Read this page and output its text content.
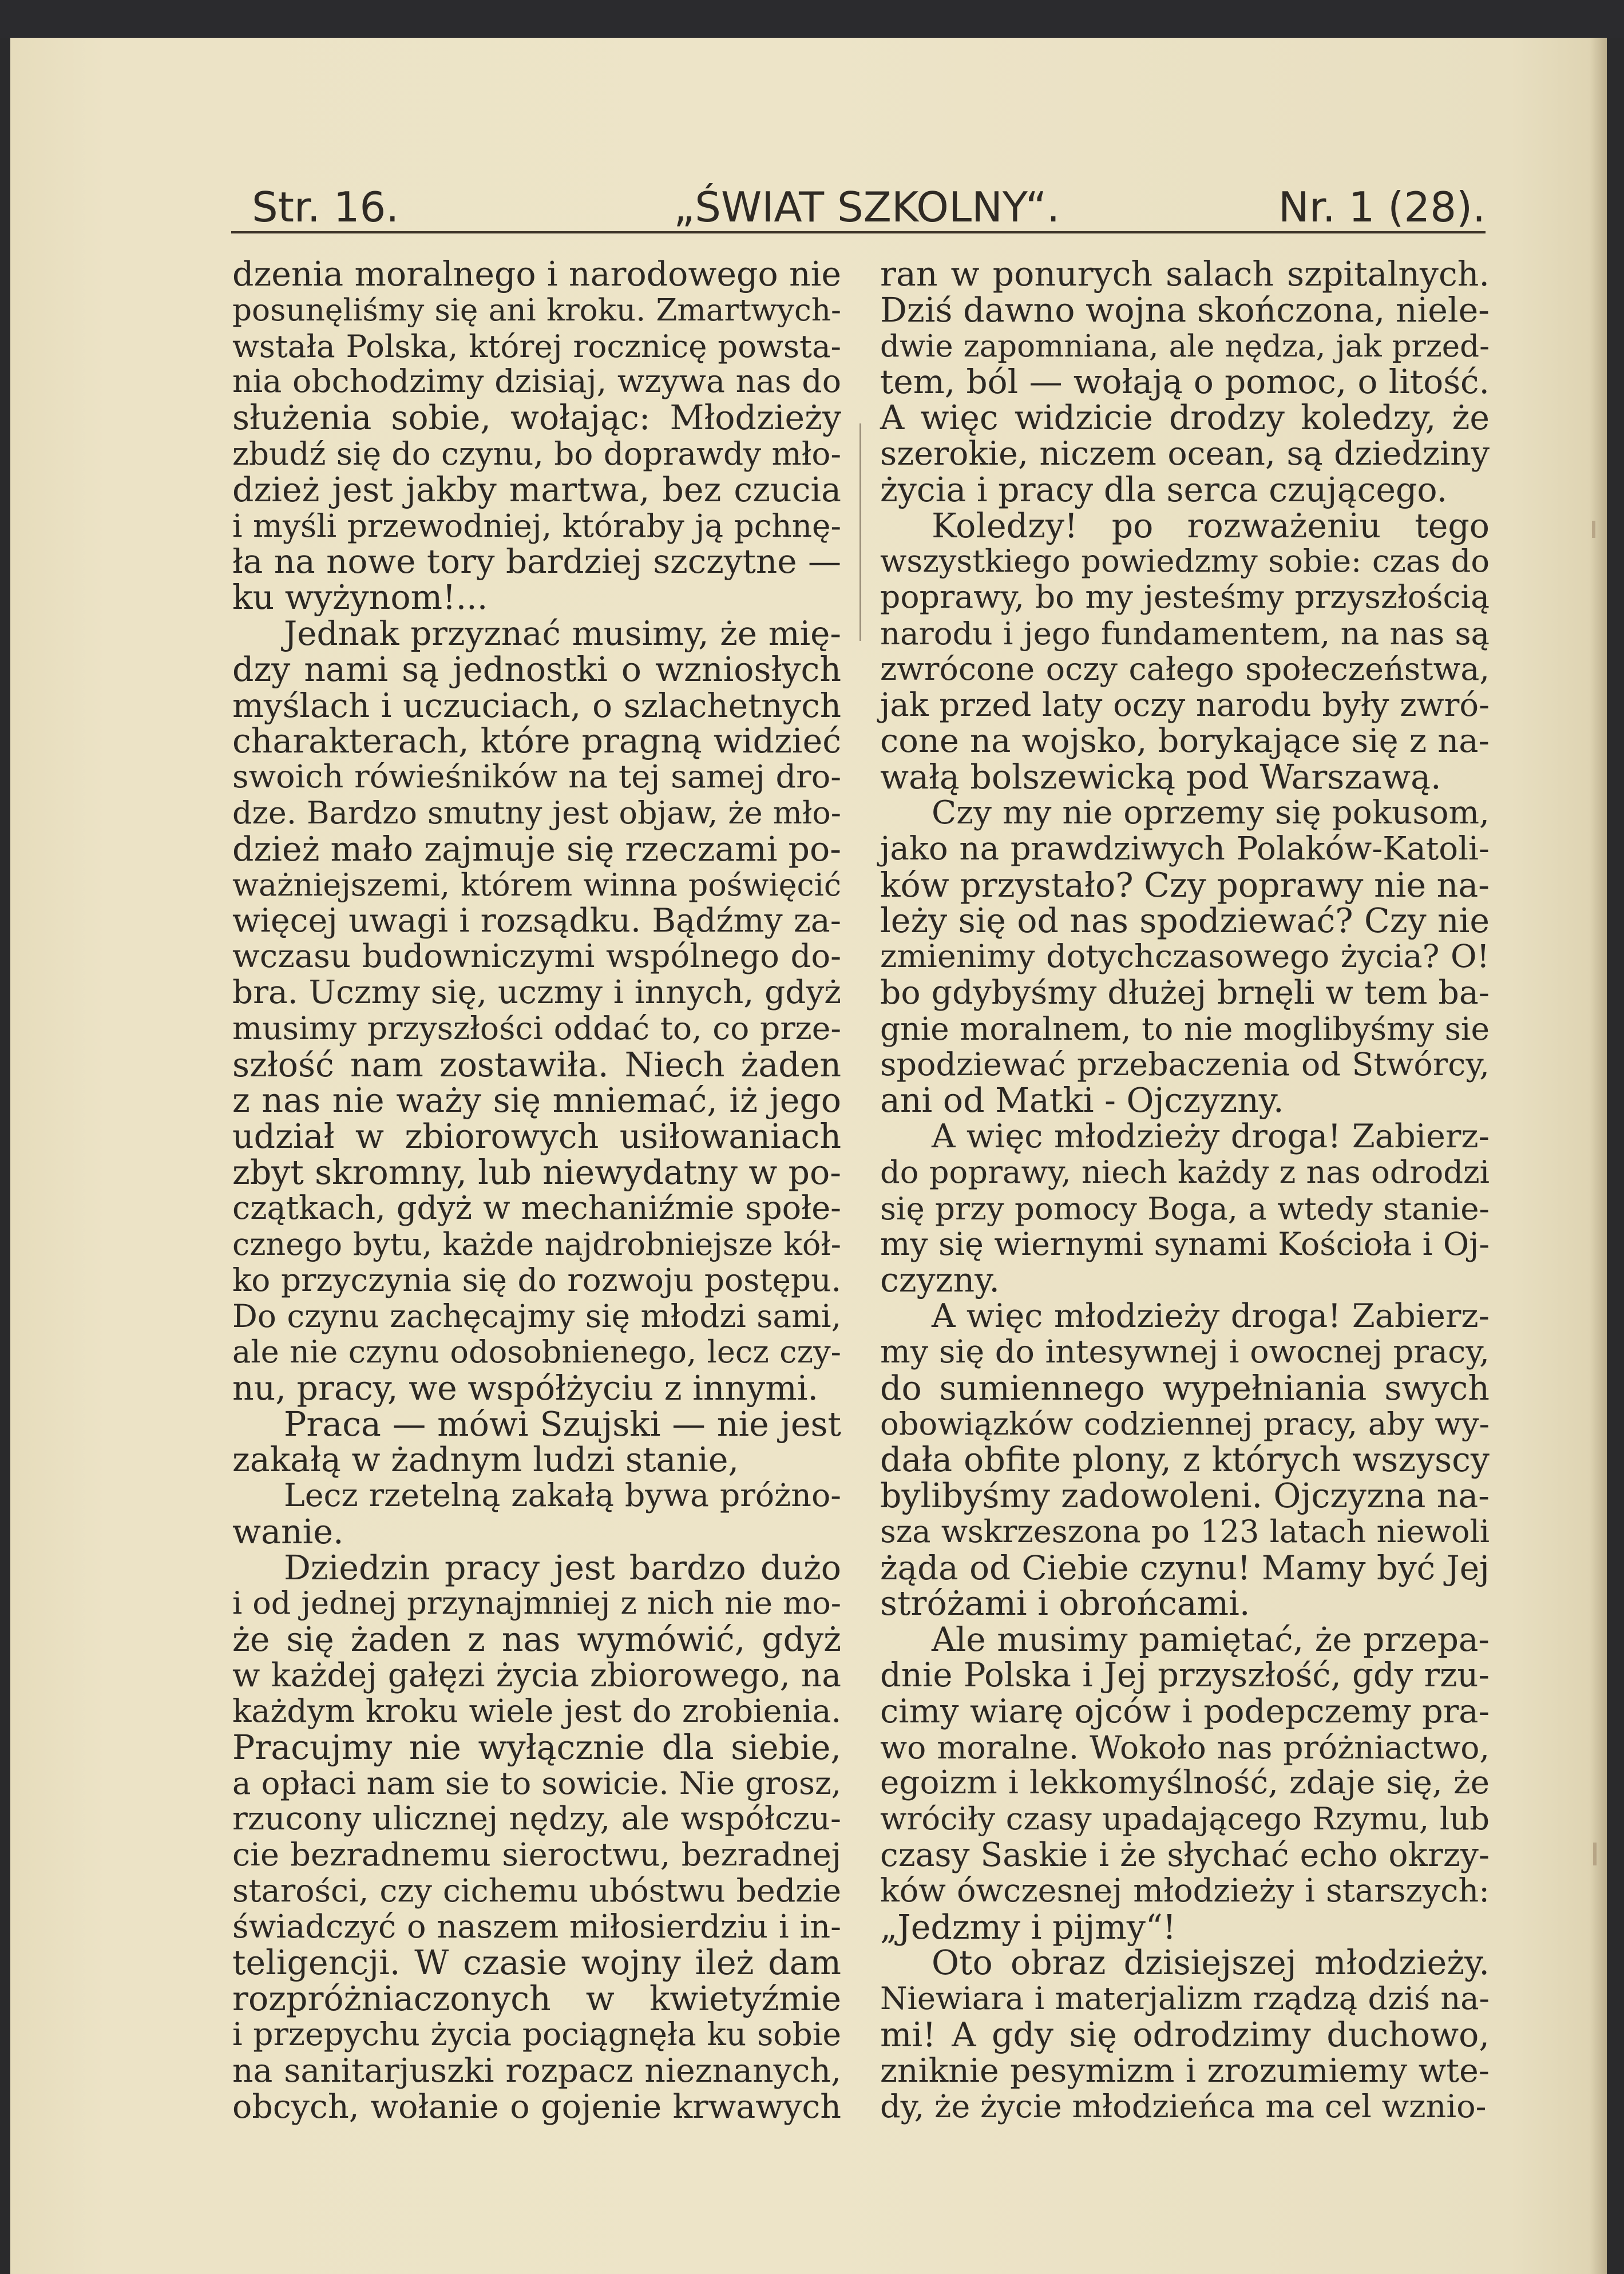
Str. 16.	„ŚWIAT SZKOLNY“.	Nr. 1 (28).

dzenia moralnego i narodowego nie

posunęliśmy się ani kroku. Zmartwych-

wstała Polska, której rocznicę powsta-

nia obchodzimy dzisiaj, wzywa nas do

służenia sobie, wołając: Młodzieży

zbudź się do czynu, bo doprawdy mło-

dzież jest jakby martwa, bez czucia

i myśli przewodniej, któraby ją pchnę-

ła na nowe tory bardziej szczytne —

ku wyżynom!...

Jednak przyznać musimy, że mię-

dzy nami są jednostki o wzniosłych

myślach i uczuciach, o szlachetnych

charakterach, które pragną widzieć

swoich rówieśników na tej samej dro-

dze. Bardzo smutny jest objaw, że mło-

dzież mało zajmuje się rzeczami po-

ważniejszemi, którem winna poświęcić

więcej uwagi i rozsądku. Bądźmy za-

wczasu budowniczymi wspólnego do-

bra. Uczmy się, uczmy i innych, gdyż

musimy przyszłości oddać to, co prze-

szłość nam zostawiła. Niech żaden

z nas nie waży się mniemać, iż jego

udział w zbiorowych usiłowaniach

zbyt skromny, lub niewydatny w po-

czątkach, gdyż w mechaniźmie społe-

cznego bytu, każde najdrobniejsze kół-

ko przyczynia się do rozwoju postępu.

Do czynu zachęcajmy się młodzi sami,

ale nie czynu odosobnienego, lecz czy-

nu, pracy, we współżyciu z innymi.

Praca — mówi Szujski — nie jest

zakałą w żadnym ludzi stanie,

Lecz rzetelną zakałą bywa próżno-

wanie.

Dziedzin pracy jest bardzo dużo

i od jednej przynajmniej z nich nie mo-

że się żaden z nas wymówić, gdyż

w każdej gałęzi życia zbiorowego, na

każdym kroku wiele jest do zrobienia.

Pracujmy nie wyłącznie dla siebie,

a opłaci nam sie to sowicie. Nie grosz,

rzucony ulicznej nędzy, ale współczu-

cie bezradnemu sieroctwu, bezradnej

starości, czy cichemu ubóstwu bedzie

świadczyć o naszem miłosierdziu i in-

teligencji. W czasie wojny ileż dam

rozpróżniaczonych w kwietyźmie

i przepychu życia pociągnęła ku sobie

na sanitarjuszki rozpacz nieznanych,

obcych, wołanie o gojenie krwawych

ran w ponurych salach szpitalnych.

Dziś dawno wojna skończona, niele-

dwie zapomniana, ale nędza, jak przed-

tem, ból — wołają o pomoc, o litość.

A więc widzicie drodzy koledzy, że

szerokie, niczem ocean, są dziedziny

życia i pracy dla serca czującego.

Koledzy! po rozważeniu tego

wszystkiego powiedzmy sobie: czas do

poprawy, bo my jesteśmy przyszłością

narodu i jego fundamentem, na nas są

zwrócone oczy całego społeczeństwa,

jak przed laty oczy narodu były zwró-

cone na wojsko, borykające się z na-

wałą bolszewicką pod Warszawą.

Czy my nie oprzemy się pokusom,

jako na prawdziwych Polaków-Katoli-

ków przystało? Czy poprawy nie na-

leży się od nas spodziewać? Czy nie

zmienimy dotychczasowego życia? O!

bo gdybyśmy dłużej brnęli w tem ba-

gnie moralnem, to nie moglibyśmy sie

spodziewać przebaczenia od Stwórcy,

ani od Matki - Ojczyzny.

A więc młodzieży droga! Zabierz-

do poprawy, niech każdy z nas odrodzi

się przy pomocy Boga, a wtedy stanie-

my się wiernymi synami Kościoła i Oj-

czyzny.

A więc młodzieży droga! Zabierz-

my się do intesywnej i owocnej pracy,

do sumiennego wypełniania swych

obowiązków codziennej pracy, aby wy-

dała obfite plony, z których wszyscy

bylibyśmy zadowoleni. Ojczyzna na-

sza wskrzeszona po 123 latach niewoli

żąda od Ciebie czynu! Mamy być Jej

stróżami i obrońcami.

Ale musimy pamiętać, że przepa-

dnie Polska i Jej przyszłość, gdy rzu-

cimy wiarę ojców i podepczemy pra-

wo moralne. Wokoło nas próżniactwo,

egoizm i lekkomyślność, zdaje się, że

wróciły czasy upadającego Rzymu, lub

czasy Saskie i że słychać echo okrzy-

ków ówczesnej młodzieży i starszych:

„Jedzmy i pijmy“!

Oto obraz dzisiejszej młodzieży.

Niewiara i materjalizm rządzą dziś na-

mi! A gdy się odrodzimy duchowo,

zniknie pesymizm i zrozumiemy wte-

dy, że życie młodzieńca ma cel wznio-
